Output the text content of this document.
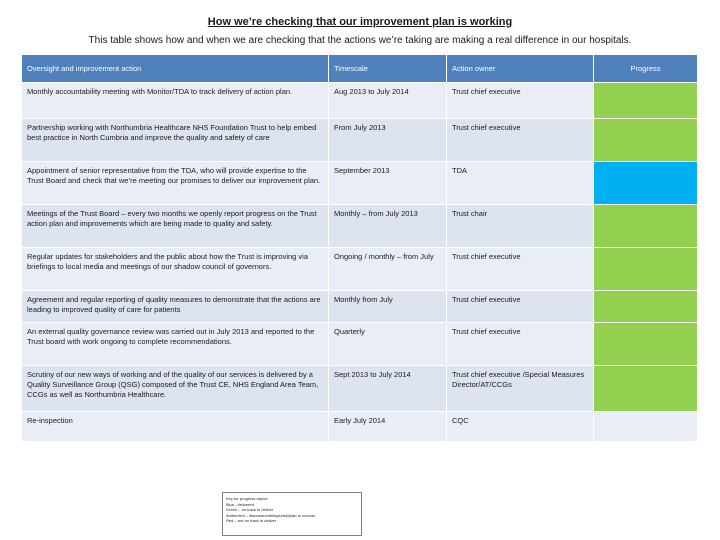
How we’re checking that our improvement plan is working
This table shows how and when we are checking that the actions we’re taking are making a real difference in our hospitals.
Oversight and improvement action	Timescale	Action owner	Progress
Monthly accountability meeting with Monitor/TDA to track delivery of action plan.	Aug 2013 to July 2014	Trust chief executive	
Partnership working with Northumbria Healthcare NHS Foundation Trust to help embed best practice in North Cumbria and improve the quality and safety of care	From July 2013	Trust chief executive	
Appointment of senior representative from the TDA, who will provide expertise to the Trust Board and check that we’re meeting our promises to deliver our improvement plan.	September 2013	TDA	
Meetings of the Trust Board – every two months we openly report progress on the Trust action plan and improvements which are being made to quality and safety.	Monthly – from July 2013	Trust chair	
Regular updates for stakeholders and the public about how the Trust is improving via briefings to local media and meetings of our shadow council of governors.	Ongoing / monthly – from July	Trust chief executive	
Agreement and regular reporting of quality measures to demonstrate that the actions are leading to improved quality of care for patients	Monthly from July	Trust chief executive	
An external quality governance review was carried out in July 2013 and reported to the Trust board with work ongoing to complete recommendations.	Quarterly	Trust chief executive	
Scrutiny of our new ways of working and of the quality of our services is delivered by a Quality Surveillance Group (QSG) composed of the Trust CE, NHS England Area Team, CCGs as well as Northumbria Healthcare.	Sept 2013 to July 2014	Trust chief executive /Special Measures Director/AT/CCGs	
Re-inspection	Early July 2014	CQC	
Key for progress report:
Blue - delivered
Green – on track to deliver
Amber/red – discussion/delays/risk/plan to recover
Red – not on track to deliver
